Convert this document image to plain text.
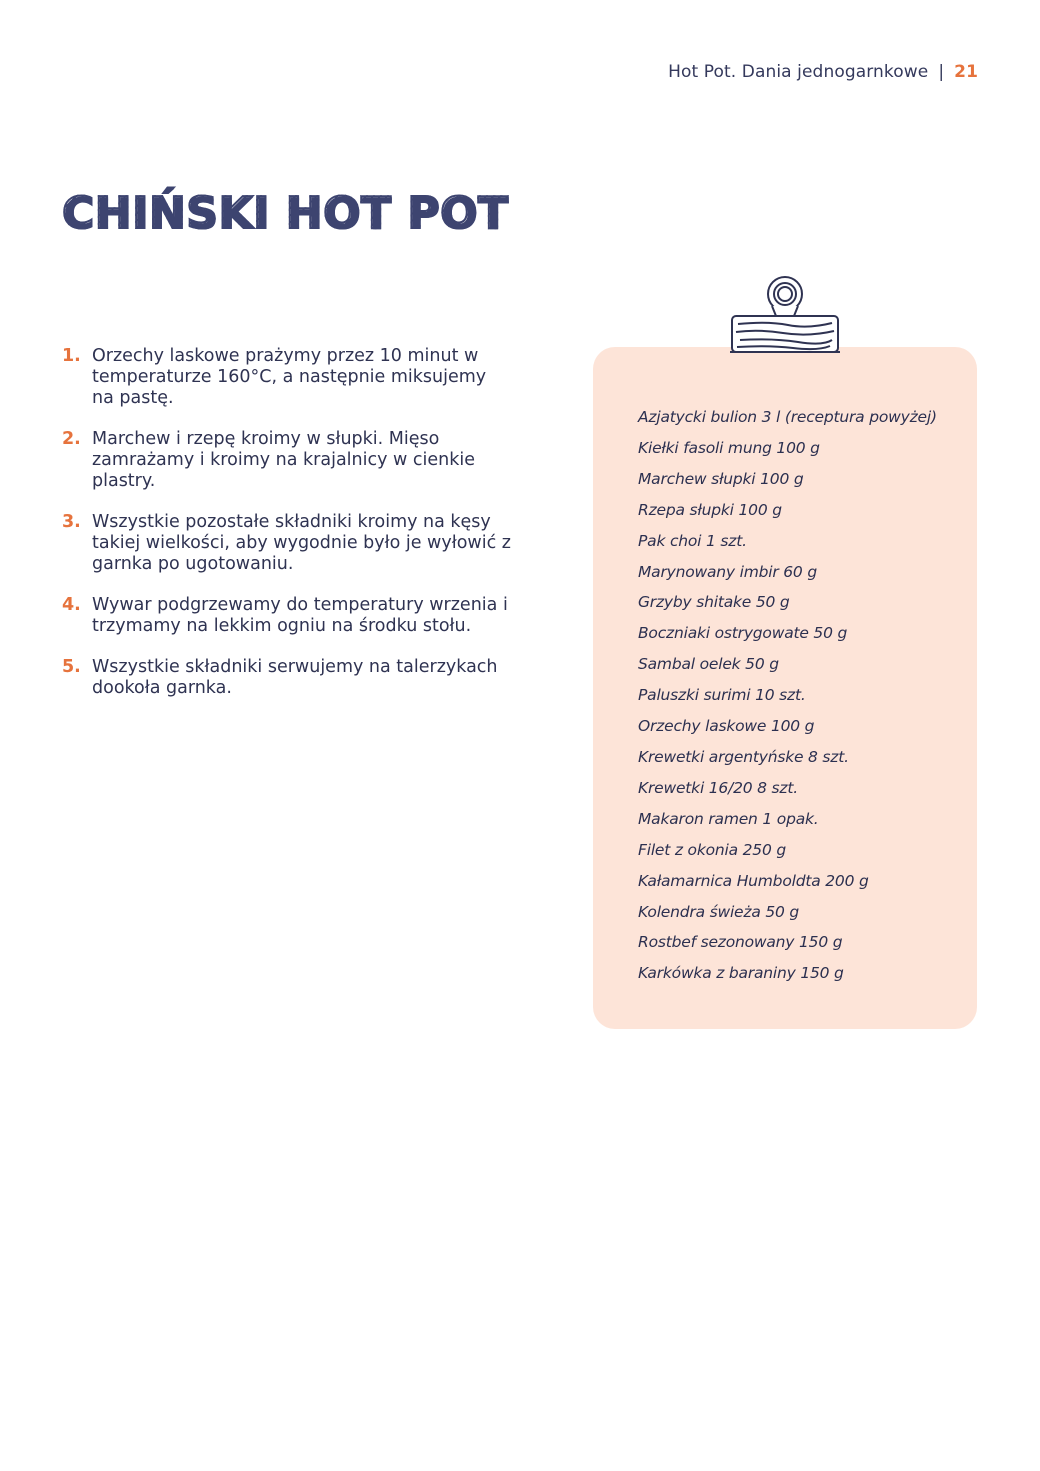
Hot Pot. Dania jednogarnkowe | 21
CHIŃSKI HOT POT
1. Orzechy laskowe prażymy przez 10 minut w temperaturze 160°C, a następnie miksujemy na pastę.
2. Marchew i rzepę kroimy w słupki. Mięso zamrażamy i kroimy na krajalnicy w cienkie plastry.
3. Wszystkie pozostałe składniki kroimy na kęsy takiej wielkości, aby wygodnie było je wyłowić z garnka po ugotowaniu.
4. Wywar podgrzewamy do temperatury wrzenia i trzymamy na lekkim ogniu na środku stołu.
5. Wszystkie składniki serwujemy na talerzykach dookoła garnka.
Azjatycki bulion 3 l (receptura powyżej)
Kiełki fasoli mung 100 g
Marchew słupki 100 g
Rzepa słupki 100 g
Pak choi 1 szt.
Marynowany imbir 60 g
Grzyby shitake 50 g
Boczniaki ostrygowate 50 g
Sambal oelek 50 g
Paluszki surimi 10 szt.
Orzechy laskowe 100 g
Krewetki argentyńske 8 szt.
Krewetki 16/20 8 szt.
Makaron ramen 1 opak.
Filet z okonia 250 g
Kałamarnica Humboldta 200 g
Kolendra świeża 50 g
Rostbef sezonowany 150 g
Karkówka z baraniny 150 g
